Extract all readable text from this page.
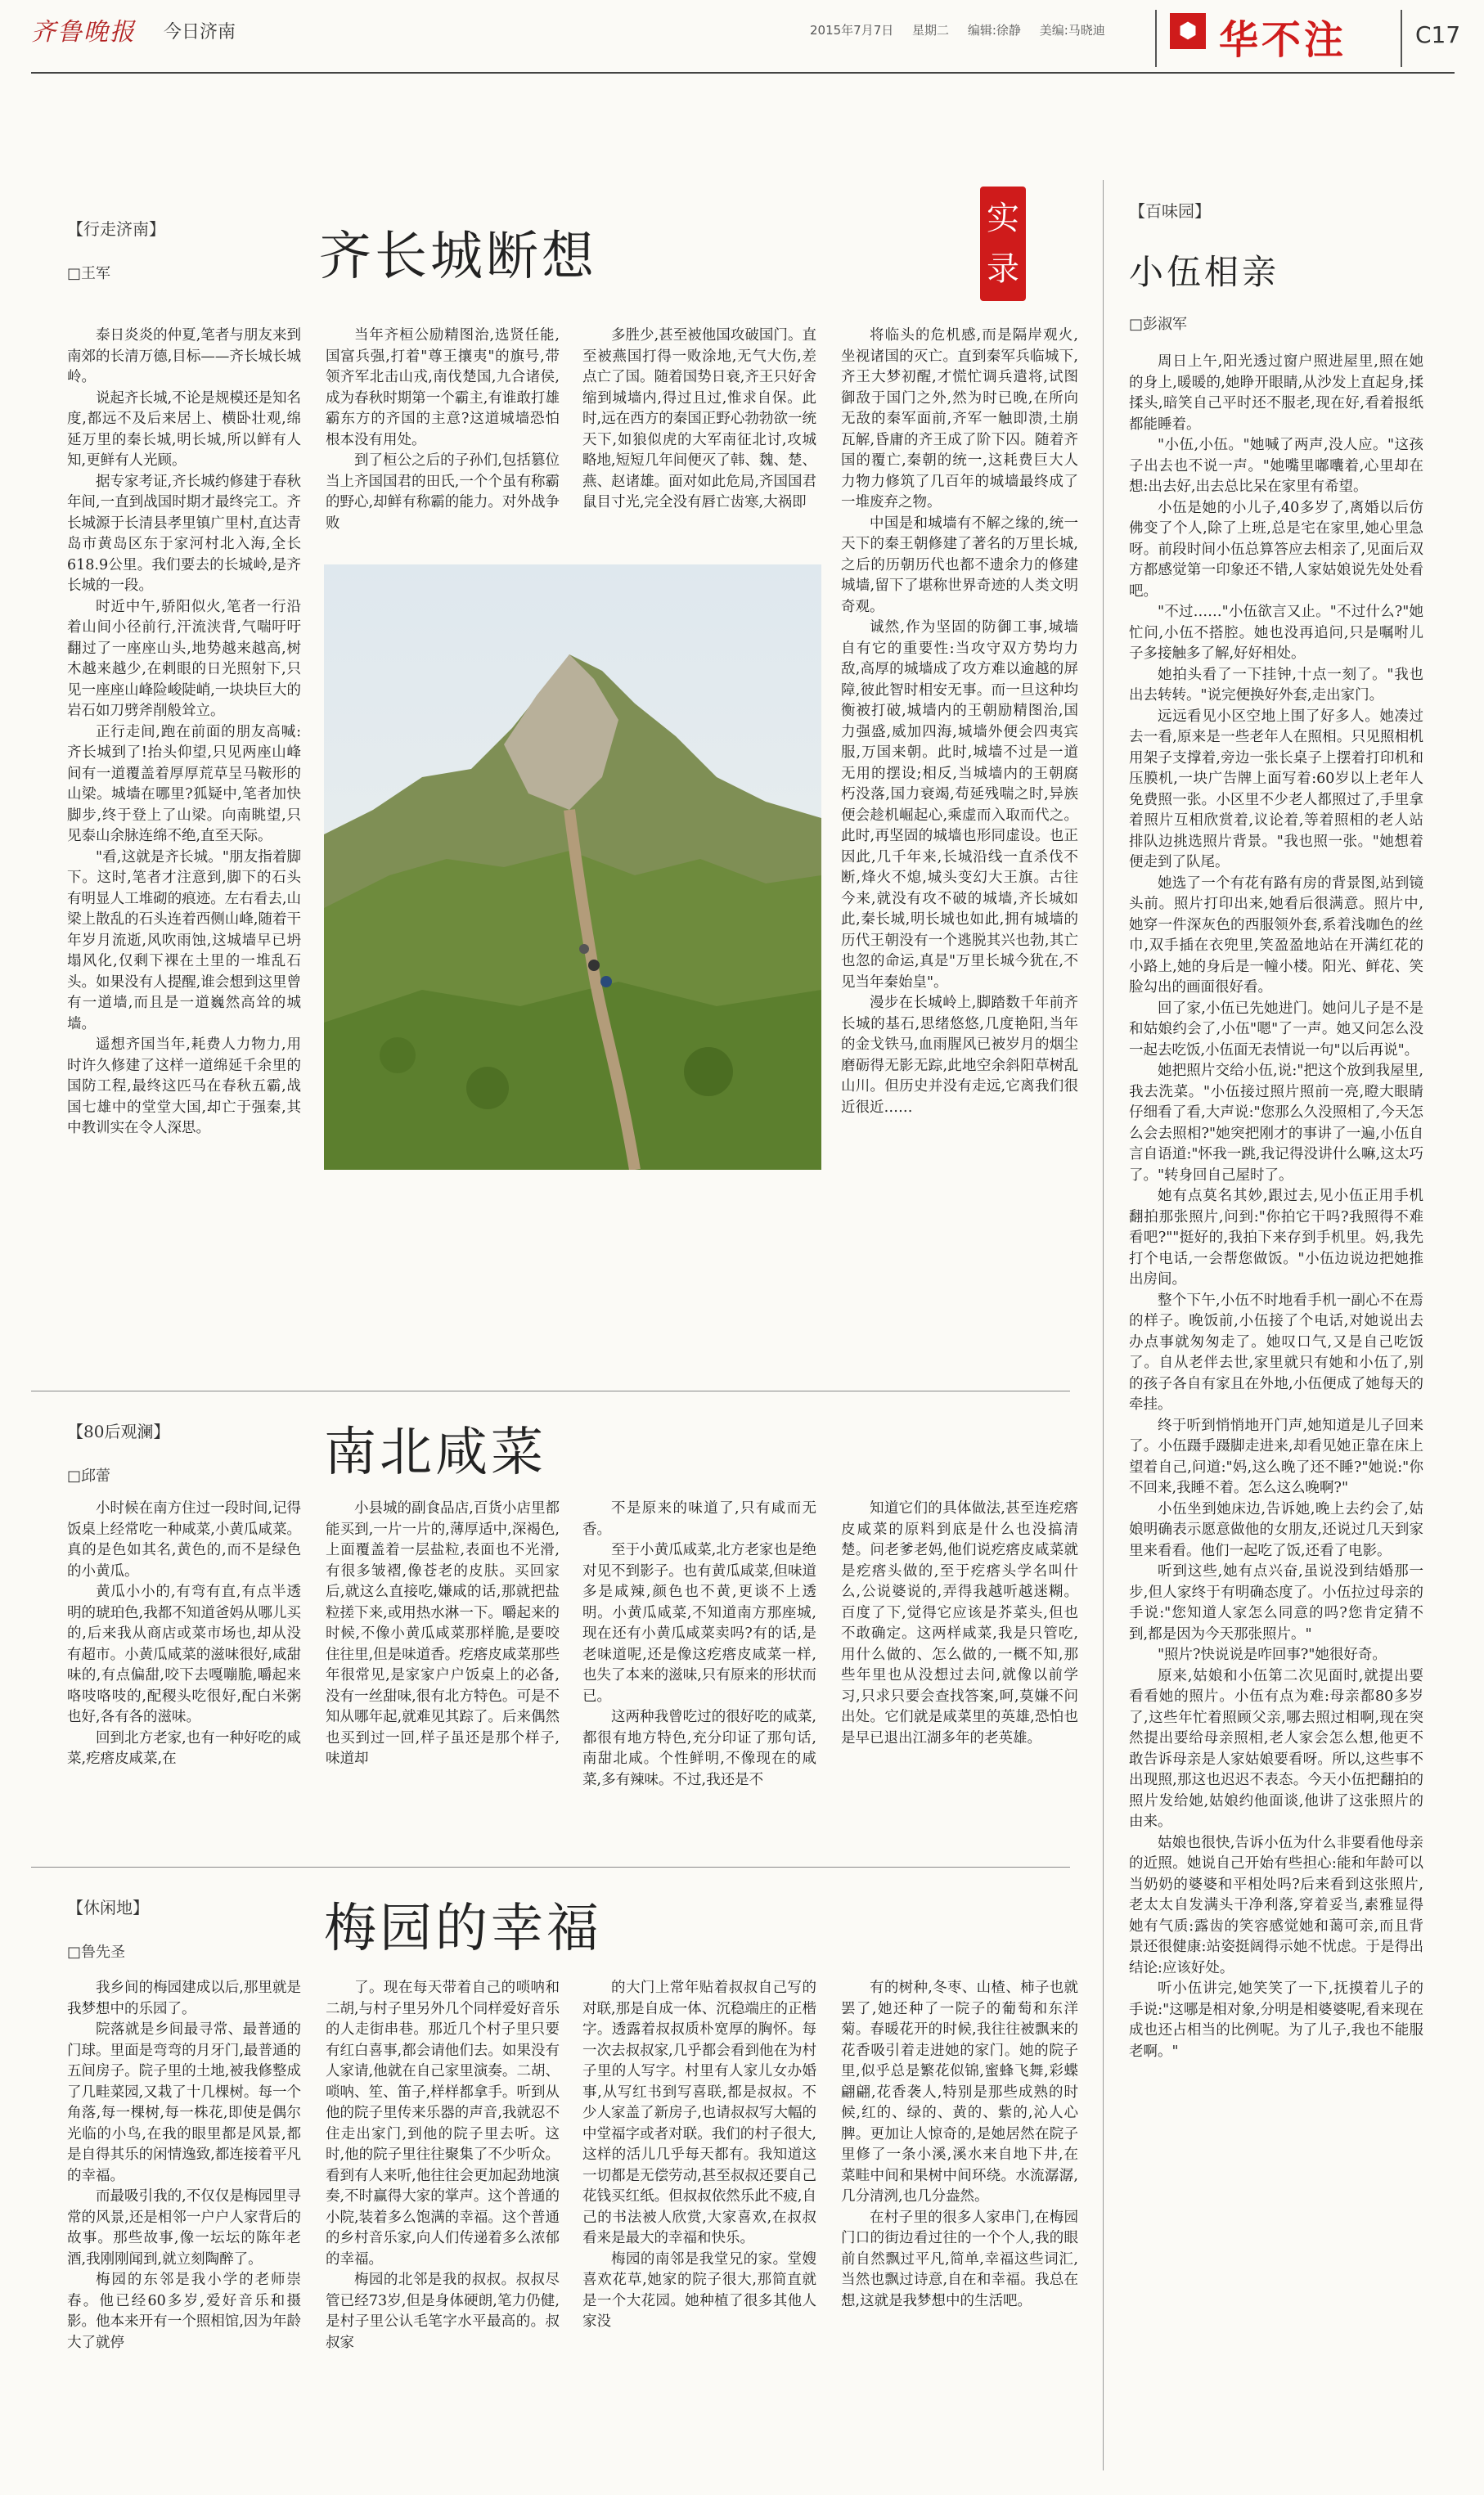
齐鲁晚报 今日济南	2015年7月7日 星期二 编辑:徐静 美编:马晓迪	⬢ 华不注	C17
【行走济南】
□王军	齐长城断想
实录

泰日炎炎的仲夏,笔者与朋友来到南郊的长清万德,目标——齐长城长城岭。

说起齐长城,不论是规模还是知名度,都远不及后来居上、横卧壮观,绵延万里的秦长城,明长城,所以鲜有人知,更鲜有人光顾。

据专家考证,齐长城约修建于春秋年间,一直到战国时期才最终完工。齐长城源于长清县孝里镇广里村,直达青岛市黄岛区东于家河村北入海,全长618.9公里。我们要去的长城岭,是齐长城的一段。

时近中午,骄阳似火,笔者一行沿着山间小径前行,汗流浃背,气喘吁吁翻过了一座座山头,地势越来越高,树木越来越少,在刺眼的日光照射下,只见一座座山峰险峻陡峭,一块块巨大的岩石如刀劈斧削般耸立。

正行走间,跑在前面的朋友高喊:齐长城到了!抬头仰望,只见两座山峰间有一道覆盖着厚厚荒草呈马鞍形的山梁。城墙在哪里?狐疑中,笔者加快脚步,终于登上了山梁。向南眺望,只见泰山余脉连绵不绝,直至天际。

"看,这就是齐长城。"朋友指着脚下。这时,笔者才注意到,脚下的石头有明显人工堆砌的痕迹。左右看去,山梁上散乱的石头连着西侧山峰,随着干年岁月流逝,风吹雨蚀,这城墙早已坍塌风化,仅剩下裸在土里的一堆乱石头。如果没有人提醒,谁会想到这里曾有一道墙,而且是一道巍然高耸的城墙。

遥想齐国当年,耗费人力物力,用时许久修建了这样一道绵延千余里的国防工程,最终这匹马在春秋五霸,战国七雄中的堂堂大国,却亡于强秦,其中教训实在令人深思。

当年齐桓公励精图治,选贤任能,国富兵强,打着"尊王攘夷"的旗号,带领齐军北击山戎,南伐楚国,九合诸侯,成为春秋时期第一个霸主,有谁敢打雄霸东方的齐国的主意?这道城墙恐怕根本没有用处。

到了桓公之后的子孙们,包括篡位当上齐国国君的田氏,一个个虽有称霸的野心,却鲜有称霸的能力。对外战争败

多胜少,甚至被他国攻破国门。直至被燕国打得一败涂地,无气大伤,差点亡了国。随着国势日衰,齐王只好舍缩到城墙内,得过且过,惟求自保。此时,远在西方的秦国正野心勃勃欲一统天下,如狼似虎的大军南征北讨,攻城略地,短短几年间便灭了韩、魏、楚、燕、赵诸雄。面对如此危局,齐国国君鼠目寸光,完全没有唇亡齿寒,大祸即

将临头的危机感,而是隔岸观火,坐视诸国的灭亡。直到秦军兵临城下,齐王大梦初醒,才慌忙调兵遣将,试图御敌于国门之外,然为时已晚,在所向无敌的秦军面前,齐军一触即溃,土崩瓦解,昏庸的齐王成了阶下囚。随着齐国的覆亡,秦朝的统一,这耗费巨大人力物力修筑了几百年的城墙最终成了一堆废弃之物。

中国是和城墙有不解之缘的,统一天下的秦王朝修建了著名的万里长城,之后的历朝历代也都不遗余力的修建城墙,留下了堪称世界奇迹的人类文明奇观。

诚然,作为坚固的防御工事,城墙自有它的重要性:当攻守双方势均力敌,高厚的城墙成了攻方难以逾越的屏障,彼此智时相安无事。而一旦这种均衡被打破,城墙内的王朝励精图治,国力强盛,威加四海,城墙外便会四夷宾服,万国来朝。此时,城墙不过是一道无用的摆设;相反,当城墙内的王朝腐朽没落,国力衰竭,苟延残喘之时,异族便会趁机崛起心,乘虚而入取而代之。此时,再坚固的城墙也形同虚设。也正因此,几千年来,长城沿线一直杀伐不断,烽火不熄,城头变幻大王旗。古往今来,就没有攻不破的城墙,齐长城如此,秦长城,明长城也如此,拥有城墙的历代王朝没有一个逃脱其兴也勃,其亡也忽的命运,真是"万里长城今犹在,不见当年秦始皇"。

漫步在长城岭上,脚踏数千年前齐长城的基石,思绪悠悠,几度艳阳,当年的金戈铁马,血雨腥风已被岁月的烟尘磨砺得无影无踪,此地空余斜阳草树乱山川。但历史并没有走远,它离我们很近很近……

【80后观澜】
□邱蕾	南北咸菜

小时候在南方住过一段时间,记得饭桌上经常吃一种咸菜,小黄瓜咸菜。真的是色如其名,黄色的,而不是绿色的小黄瓜。

黄瓜小小的,有弯有直,有点半透明的琥珀色,我都不知道爸妈从哪儿买的,后来我从商店或菜市场也,却从没有超市。小黄瓜咸菜的滋味很好,咸甜味的,有点偏甜,咬下去嘎嘣脆,嚼起来咯吱咯吱的,配稷头吃很好,配白米粥也好,各有各的滋味。

回到北方老家,也有一种好吃的咸菜,疙瘩皮咸菜,在

小县城的副食品店,百货小店里都能买到,一片一片的,薄厚适中,深褐色,上面覆盖着一层盐粒,表面也不光滑,有很多皱褶,像苍老的皮肤。买回家后,就这么直接吃,嫌咸的话,那就把盐粒搓下来,或用热水淋一下。嚼起来的时候,不像小黄瓜咸菜那样脆,是要咬住往里,但是味道香。疙瘩皮咸菜那些年很常见,是家家户户饭桌上的必备,没有一丝甜味,很有北方特色。可是不知从哪年起,就难见其踪了。后来偶然也买到过一回,样子虽还是那个样子,味道却

不是原来的味道了,只有咸而无香。

至于小黄瓜咸菜,北方老家也是绝对见不到影子。也有黄瓜咸菜,但味道多是咸辣,颜色也不黄,更谈不上透明。小黄瓜咸菜,不知道南方那座城,现在还有小黄瓜咸菜卖吗?有的话,是老味道呢,还是像这疙瘩皮咸菜一样,也失了本来的滋味,只有原来的形状而已。

这两种我曾吃过的很好吃的咸菜,都很有地方特色,充分印证了那句话,南甜北咸。个性鲜明,不像现在的咸菜,多有辣味。不过,我还是不

知道它们的具体做法,甚至连疙瘩皮咸菜的原料到底是什么也没搞清楚。问老爹老妈,他们说疙瘩皮咸菜就是疙瘩头做的,至于疙瘩头学名叫什么,公说婆说的,弄得我越听越迷糊。百度了下,觉得它应该是芥菜头,但也不敢确定。这两样咸菜,我是只管吃,用什么做的、怎么做的,一概不知,那些年里也从没想过去问,就像以前学习,只求只要会查找答案,呵,莫嫌不问出处。它们就是咸菜里的英雄,恐怕也是早已退出江湖多年的老英雄。

【休闲地】
□鲁先圣	梅园的幸福

我乡间的梅园建成以后,那里就是我梦想中的乐园了。

院落就是乡间最寻常、最普通的门球。里面是弯弯的月牙门,最普通的五间房子。院子里的土地,被我修整成了几畦菜园,又栽了十几棵树。每一个角落,每一棵树,每一株花,即使是偶尔光临的小鸟,在我的眼里都是风景,都是自得其乐的闲情逸致,都连接着平凡的幸福。

而最吸引我的,不仅仅是梅园里寻常的风景,还是相邻一户户人家背后的故事。那些故事,像一坛坛的陈年老酒,我刚刚闻到,就立刻陶醉了。

梅园的东邻是我小学的老师崇春。他已经60多岁,爱好音乐和摄影。他本来开有一个照相馆,因为年龄大了就停

了。现在每天带着自己的唢呐和二胡,与村子里另外几个同样爱好音乐的人走街串巷。那近几个村子里只要有红白喜事,都会请他们去。如果没有人家请,他就在自己家里演奏。二胡、唢呐、笙、笛子,样样都拿手。听到从他的院子里传来乐器的声音,我就忍不住走出家门,到他的院子里去听。这时,他的院子里往往聚集了不少听众。看到有人来听,他往往会更加起劲地演奏,不时赢得大家的掌声。这个普通的小院,装着多么饱满的幸福。这个普通的乡村音乐家,向人们传递着多么浓郁的幸福。

梅园的北邻是我的叔叔。叔叔尽管已经73岁,但是身体硬朗,笔力仍健,是村子里公认毛笔字水平最高的。叔叔家

的大门上常年贴着叔叔自己写的对联,那是自成一体、沉稳端庄的正楷字。透露着叔叔质朴宽厚的胸怀。每一次去叔叔家,几乎都会看到他在为村子里的人写字。村里有人家儿女办婚事,从写红书到写喜联,都是叔叔。不少人家盖了新房子,也请叔叔写大幅的中堂福字或者对联。我们的村子很大,这样的活儿几乎每天都有。我知道这一切都是无偿劳动,甚至叔叔还要自己花钱买红纸。但叔叔依然乐此不疲,自己的书法被人欣赏,大家喜欢,在叔叔看来是最大的幸福和快乐。

梅园的南邻是我堂兄的家。堂嫂喜欢花草,她家的院子很大,那简直就是一个大花园。她种植了很多其他人家没

有的树种,冬枣、山楂、柿子也就罢了,她还种了一院子的葡萄和东洋菊。春暖花开的时候,我往往被飘来的花香吸引着走进她的家门。她的院子里,似乎总是繁花似锦,蜜蜂飞舞,彩蝶翩翩,花香袭人,特别是那些成熟的时候,红的、绿的、黄的、紫的,沁人心脾。更加让人惊奇的,是她居然在院子里修了一条小溪,溪水来自地下井,在菜畦中间和果树中间环绕。水流潺潺,几分清洌,也几分盎然。

在村子里的很多人家串门,在梅园门口的街边看过往的一个个人,我的眼前自然飘过平凡,简单,幸福这些词汇,当然也飘过诗意,自在和幸福。我总在想,这就是我梦想中的生活吧。

【百味园】
小伍相亲
□彭淑军

周日上午,阳光透过窗户照进屋里,照在她的身上,暖暖的,她睁开眼睛,从沙发上直起身,揉揉头,暗笑自己平时还不服老,现在好,看着报纸都能睡着。

"小伍,小伍。"她喊了两声,没人应。"这孩子出去也不说一声。"她嘴里嘟囔着,心里却在想:出去好,出去总比呆在家里有希望。

小伍是她的小儿子,40多岁了,离婚以后仿佛变了个人,除了上班,总是宅在家里,她心里急呀。前段时间小伍总算答应去相亲了,见面后双方都感觉第一印象还不错,人家姑娘说先处处看吧。

"不过……"小伍欲言又止。"不过什么?"她忙问,小伍不搭腔。她也没再追问,只是嘱咐儿子多接触多了解,好好相处。

她拍头看了一下挂钟,十点一刻了。"我也出去转转。"说完便换好外套,走出家门。

远远看见小区空地上围了好多人。她凑过去一看,原来是一些老年人在照相。只见照相机用架子支撑着,旁边一张长桌子上摆着打印机和压膜机,一块广告牌上面写着:60岁以上老年人免费照一张。小区里不少老人都照过了,手里拿着照片互相欣赏着,议论着,等着照相的老人站排队边挑选照片背景。"我也照一张。"她想着便走到了队尾。

她选了一个有花有路有房的背景图,站到镜头前。照片打印出来,她看后很满意。照片中,她穿一件深灰色的西服领外套,系着浅咖色的丝巾,双手插在衣兜里,笑盈盈地站在开满红花的小路上,她的身后是一幢小楼。阳光、鲜花、笑脸勾出的画面很好看。

回了家,小伍已先她进门。她问儿子是不是和姑娘约会了,小伍"嗯"了一声。她又问怎么没一起去吃饭,小伍面无表情说一句"以后再说"。

她把照片交给小伍,说:"把这个放到我屋里,我去洗菜。"小伍接过照片照前一亮,瞪大眼睛仔细看了看,大声说:"您那么久没照相了,今天怎么会去照相?"她突把刚才的事讲了一遍,小伍自言自语道:"怀我一跳,我记得没讲什么嘛,这太巧了。"转身回自己屋时了。

她有点莫名其妙,跟过去,见小伍正用手机翻拍那张照片,问到:"你拍它干吗?我照得不难看吧?""挺好的,我拍下来存到手机里。妈,我先打个电话,一会帮您做饭。"小伍边说边把她推出房间。

整个下午,小伍不时地看手机一副心不在焉的样子。晚饭前,小伍接了个电话,对她说出去办点事就匆匆走了。她叹口气,又是自己吃饭了。自从老伴去世,家里就只有她和小伍了,别的孩子各自有家且在外地,小伍便成了她每天的牵挂。

终于听到悄悄地开门声,她知道是儿子回来了。小伍蹑手蹑脚走进来,却看见她正靠在床上望着自己,问道:"妈,这么晚了还不睡?"她说:"你不回来,我睡不着。怎么这么晚啊?"

小伍坐到她床边,告诉她,晚上去约会了,姑娘明确表示愿意做他的女朋友,还说过几天到家里来看看。他们一起吃了饭,还看了电影。

听到这些,她有点兴奋,虽说没到结婚那一步,但人家终于有明确态度了。小伍拉过母亲的手说:"您知道人家怎么同意的吗?您肯定猜不到,都是因为今天那张照片。"

"照片?快说说是咋回事?"她很好奇。

原来,姑娘和小伍第二次见面时,就提出要看看她的照片。小伍有点为难:母亲都80多岁了,这些年忙着照顾父亲,哪去照过相啊,现在突然提出要给母亲照相,老人家会怎么想,他更不敢告诉母亲是人家姑娘要看呀。所以,这些事不出现照,那这也迟迟不表态。今天小伍把翻拍的照片发给她,姑娘约他面谈,他讲了这张照片的由来。

姑娘也很快,告诉小伍为什么非要看他母亲的近照。她说自己开始有些担心:能和年龄可以当奶奶的婆婆和平相处吗?后来看到这张照片,老太太自发满头干净利落,穿着妥当,素雅显得她有气质:露齿的笑容感觉她和蔼可亲,而且背景还很健康:站姿挺阔得示她不忧虑。于是得出结论:应该好处。

听小伍讲完,她笑笑了一下,抚摸着儿子的手说:"这哪是相对象,分明是相婆婆呢,看来现在成也还占相当的比例呢。为了儿子,我也不能服老啊。"
